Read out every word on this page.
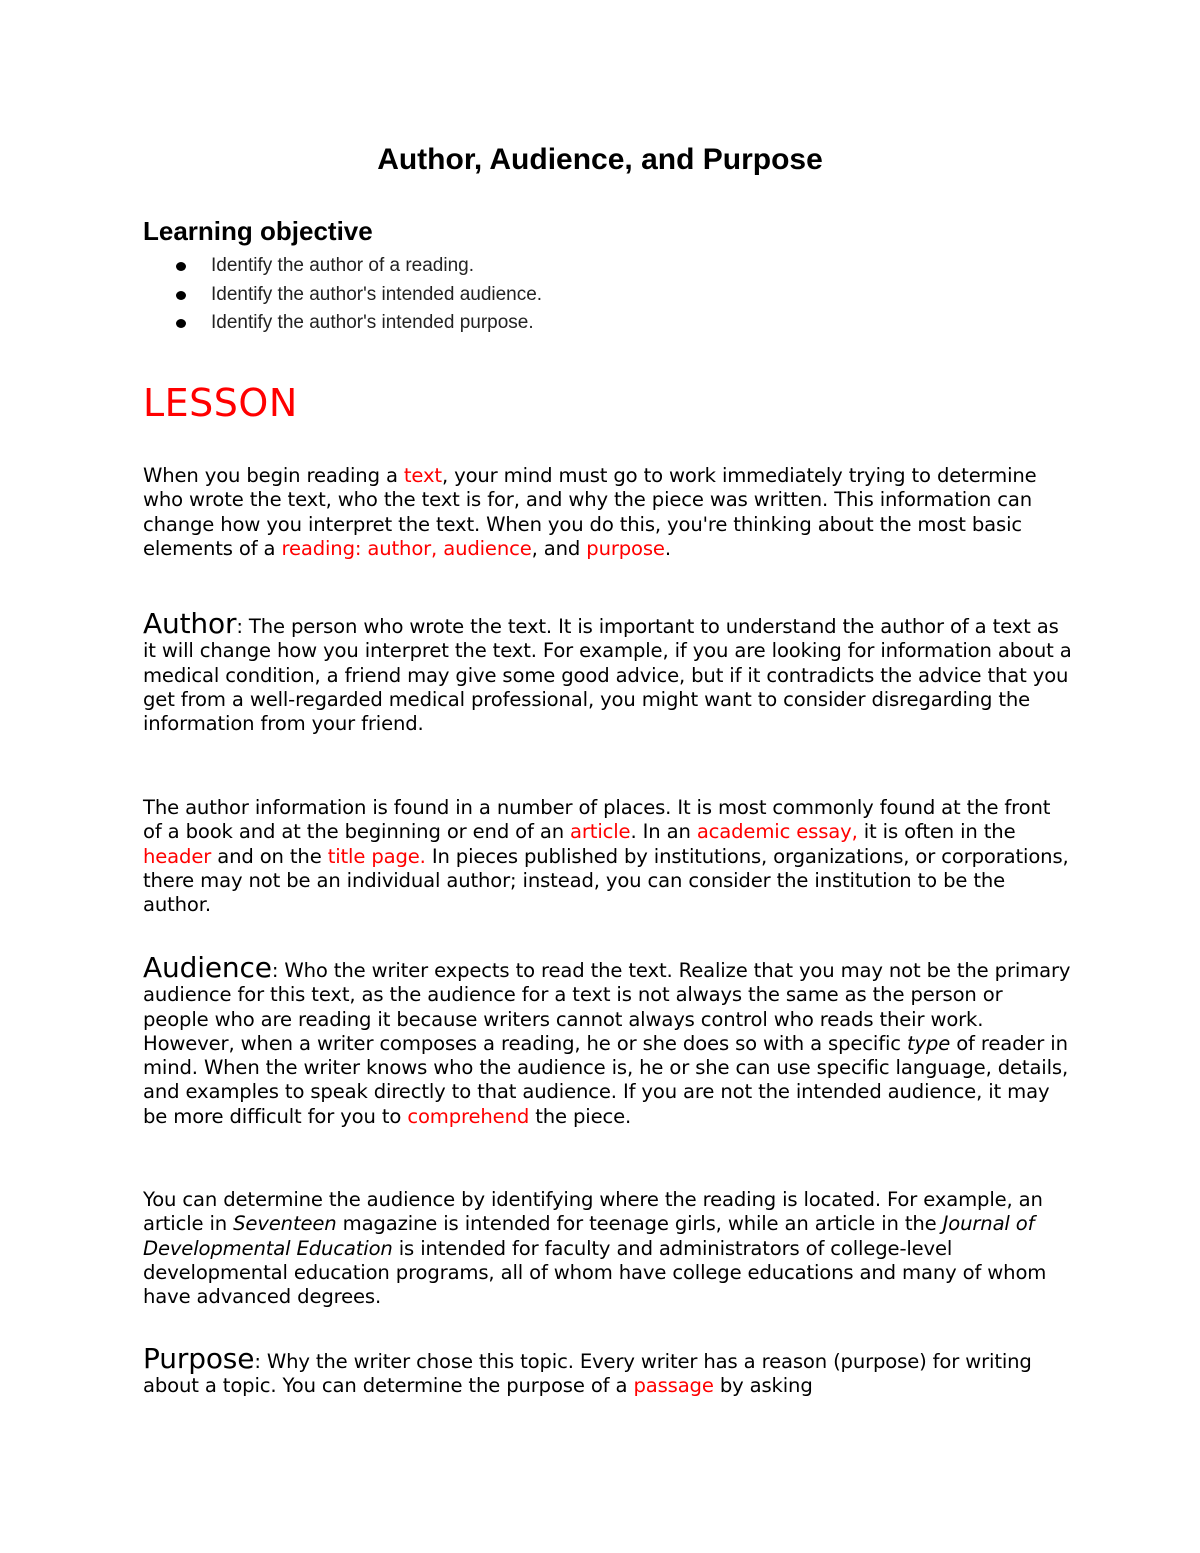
Author, Audience, and Purpose
Learning objective
Identify the author of a reading.
Identify the author's intended audience.
Identify the author's intended purpose.
LESSON

When you begin reading a text, your mind must go to work immediately trying to determine who wrote the text, who the text is for, and why the piece was written. This information can change how you interpret the text. When you do this, you're thinking about the most basic elements of a reading: author, audience, and purpose.

Author: The person who wrote the text. It is important to understand the author of a text as it will change how you interpret the text. For example, if you are looking for information about a medical condition, a friend may give some good advice, but if it contradicts the advice that you get from a well-regarded medical professional, you might want to consider disregarding the information from your friend.

The author information is found in a number of places. It is most commonly found at the front of a book and at the beginning or end of an article. In an academic essay, it is often in the header and on the title page. In pieces published by institutions, organizations, or corporations, there may not be an individual author; instead, you can consider the institution to be the author.

Audience: Who the writer expects to read the text. Realize that you may not be the primary audience for this text, as the audience for a text is not always the same as the person or people who are reading it because writers cannot always control who reads their work. However, when a writer composes a reading, he or she does so with a specific type of reader in mind. When the writer knows who the audience is, he or she can use specific language, details, and examples to speak directly to that audience. If you are not the intended audience, it may be more difficult for you to comprehend the piece.

You can determine the audience by identifying where the reading is located. For example, an article in Seventeen magazine is intended for teenage girls, while an article in the Journal of Developmental Education is intended for faculty and administrators of college-level developmental education programs, all of whom have college educations and many of whom have advanced degrees.

Purpose: Why the writer chose this topic. Every writer has a reason (purpose) for writing about a topic. You can determine the purpose of a passage by asking
